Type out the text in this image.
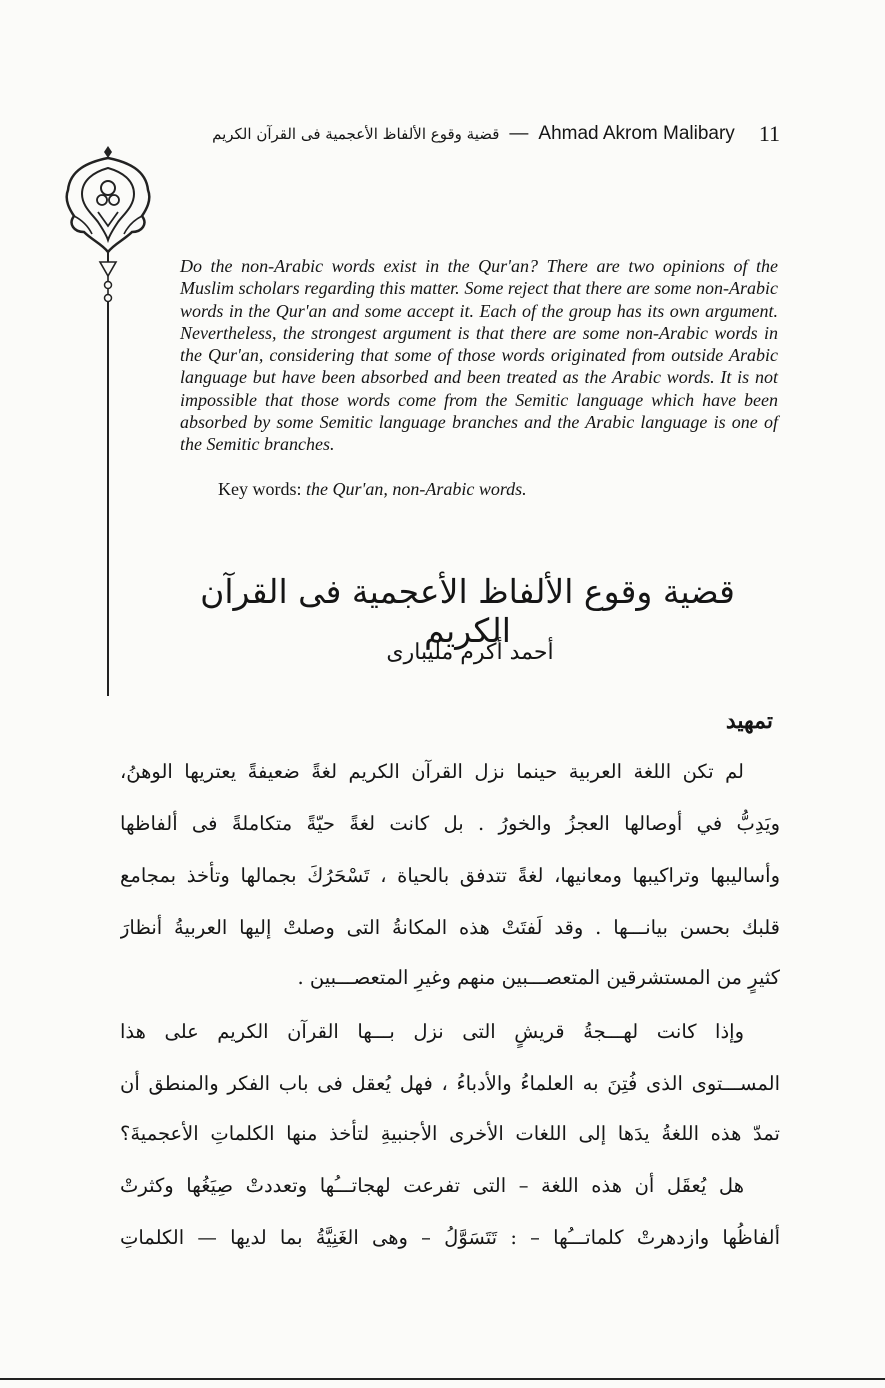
قضية وقوع الألفاظ الأعجمية فى القرآن الكريم — Ahmad Akrom Malibary 11
Do the non-Arabic words exist in the Qur'an? There are two opinions of the Muslim scholars regarding this matter. Some reject that there are some non-Arabic words in the Qur'an and some accept it. Each of the group has its own argument. Nevertheless, the strongest argument is that there are some non-Arabic words in the Qur'an, considering that some of those words originated from outside Arabic language but have been absorbed and been treated as the Arabic words. It is not impossible that those words come from the Semitic language which have been absorbed by some Semitic language branches and the Arabic language is one of the Semitic branches.
Key words: the Qur'an, non-Arabic words.
قضية وقوع الألفاظ الأعجمية فى القرآن الكريم
أحمد أكرم مليبارى
تمهيد
لم تكن اللغة العربية حينما نزل القرآن الكريم لغةً ضعيفةً يعتريها الوهنُ،
ويَدِبُّ في أوصالها العجزُ والخورُ . بل كانت لغةً حيّةً متكاملةً فى ألفاظها
وأساليبها وتراكيبها ومعانيها، لغةً تتدفق بالحياة ، تَسْحَرُكَ بجمالها وتأخذ بمجامع
قلبك بحسن بيانـــها . وقد لَفتَتْ هذه المكانةُ التى وصلتْ إليها العربيةُ أنظارَ
كثيرٍ من المستشرقين المتعصـــبين منهم وغيرِ المتعصـــبين .
وإذا كانت لهـــجةُ قريشٍ التى نزل بـــها القرآن الكريم على هذا
المســـتوى الذى فُتِنَ به العلماءُ والأدباءُ ، فهل يُعقل فى باب الفكر والمنطق أن
تمدّ هذه اللغةُ يدَها إلى اللغات الأخرى الأجنبيةِ لتأخذ منها الكلماتِ الأعجميةَ؟
هل يُعقَل أن هذه اللغة – التى تفرعت لهجاتـــُها وتعددتْ صِيَغُها وكثرتْ
ألفاظُها وازدهرتْ كلماتـــُها – : تَتَسَوَّلُ – وهى الغَنِيَّةُ بما لديها — الكلماتِ
